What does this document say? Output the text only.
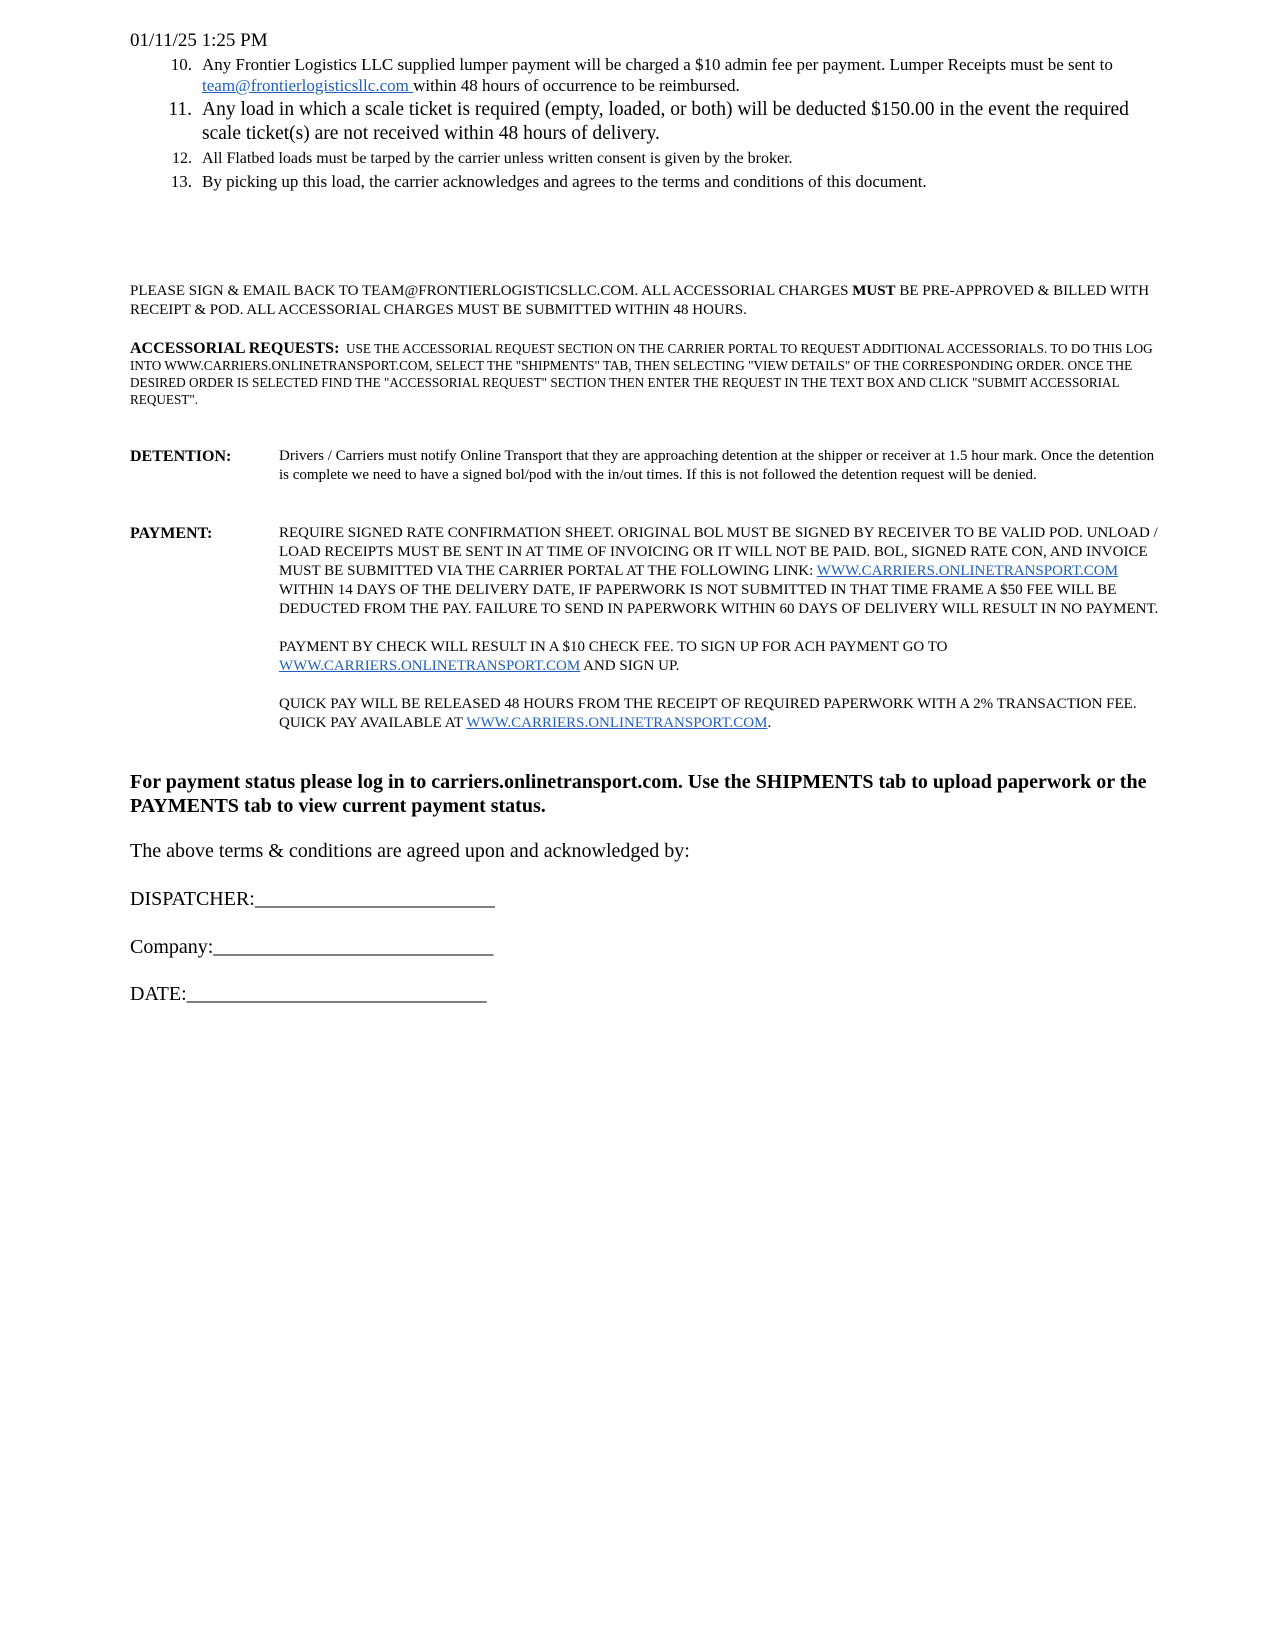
01/11/25 1:25 PM
10. Any Frontier Logistics LLC supplied lumper payment will be charged a $10 admin fee per payment. Lumper Receipts must be sent to team@frontierlogisticsllc.com within 48 hours of occurrence to be reimbursed.
11. Any load in which a scale ticket is required (empty, loaded, or both) will be deducted $150.00 in the event the required scale ticket(s) are not received within 48 hours of delivery.
12. All Flatbed loads must be tarped by the carrier unless written consent is given by the broker.
13. By picking up this load, the carrier acknowledges and agrees to the terms and conditions of this document.
PLEASE SIGN & EMAIL BACK TO TEAM@FRONTIERLOGISTICSLLC.COM. ALL ACCESSORIAL CHARGES MUST BE PRE-APPROVED & BILLED WITH RECEIPT & POD. ALL ACCESSORIAL CHARGES MUST BE SUBMITTED WITHIN 48 HOURS.
ACCESSORIAL REQUESTS: USE THE ACCESSORIAL REQUEST SECTION ON THE CARRIER PORTAL TO REQUEST ADDITIONAL ACCESSORIALS. TO DO THIS LOG INTO WWW.CARRIERS.ONLINETRANSPORT.COM, SELECT THE "SHIPMENTS" TAB, THEN SELECTING "VIEW DETAILS" OF THE CORRESPONDING ORDER. ONCE THE DESIRED ORDER IS SELECTED FIND THE "ACCESSORIAL REQUEST" SECTION THEN ENTER THE REQUEST IN THE TEXT BOX AND CLICK "SUBMIT ACCESSORIAL REQUEST".
DETENTION:	Drivers / Carriers must notify Online Transport that they are approaching detention at the shipper or receiver at 1.5 hour mark. Once the detention is complete we need to have a signed bol/pod with the in/out times. If this is not followed the detention request will be denied.
PAYMENT:	REQUIRE SIGNED RATE CONFIRMATION SHEET. ORIGINAL BOL MUST BE SIGNED BY RECEIVER TO BE VALID POD. UNLOAD / LOAD RECEIPTS MUST BE SENT IN AT TIME OF INVOICING OR IT WILL NOT BE PAID. BOL, SIGNED RATE CON, AND INVOICE MUST BE SUBMITTED VIA THE CARRIER PORTAL AT THE FOLLOWING LINK: WWW.CARRIERS.ONLINETRANSPORT.COM WITHIN 14 DAYS OF THE DELIVERY DATE, IF PAPERWORK IS NOT SUBMITTED IN THAT TIME FRAME A $50 FEE WILL BE DEDUCTED FROM THE PAY. FAILURE TO SEND IN PAPERWORK WITHIN 60 DAYS OF DELIVERY WILL RESULT IN NO PAYMENT.

PAYMENT BY CHECK WILL RESULT IN A $10 CHECK FEE. TO SIGN UP FOR ACH PAYMENT GO TO WWW.CARRIERS.ONLINETRANSPORT.COM AND SIGN UP.

QUICK PAY WILL BE RELEASED 48 HOURS FROM THE RECEIPT OF REQUIRED PAPERWORK WITH A 2% TRANSACTION FEE. QUICK PAY AVAILABLE AT WWW.CARRIERS.ONLINETRANSPORT.COM.

For payment status please log in to carriers.onlinetransport.com. Use the SHIPMENTS tab to upload paperwork or the PAYMENTS tab to view current payment status.
The above terms & conditions are agreed upon and acknowledged by:
DISPATCHER:________________________
Company:____________________________
DATE:______________________________
